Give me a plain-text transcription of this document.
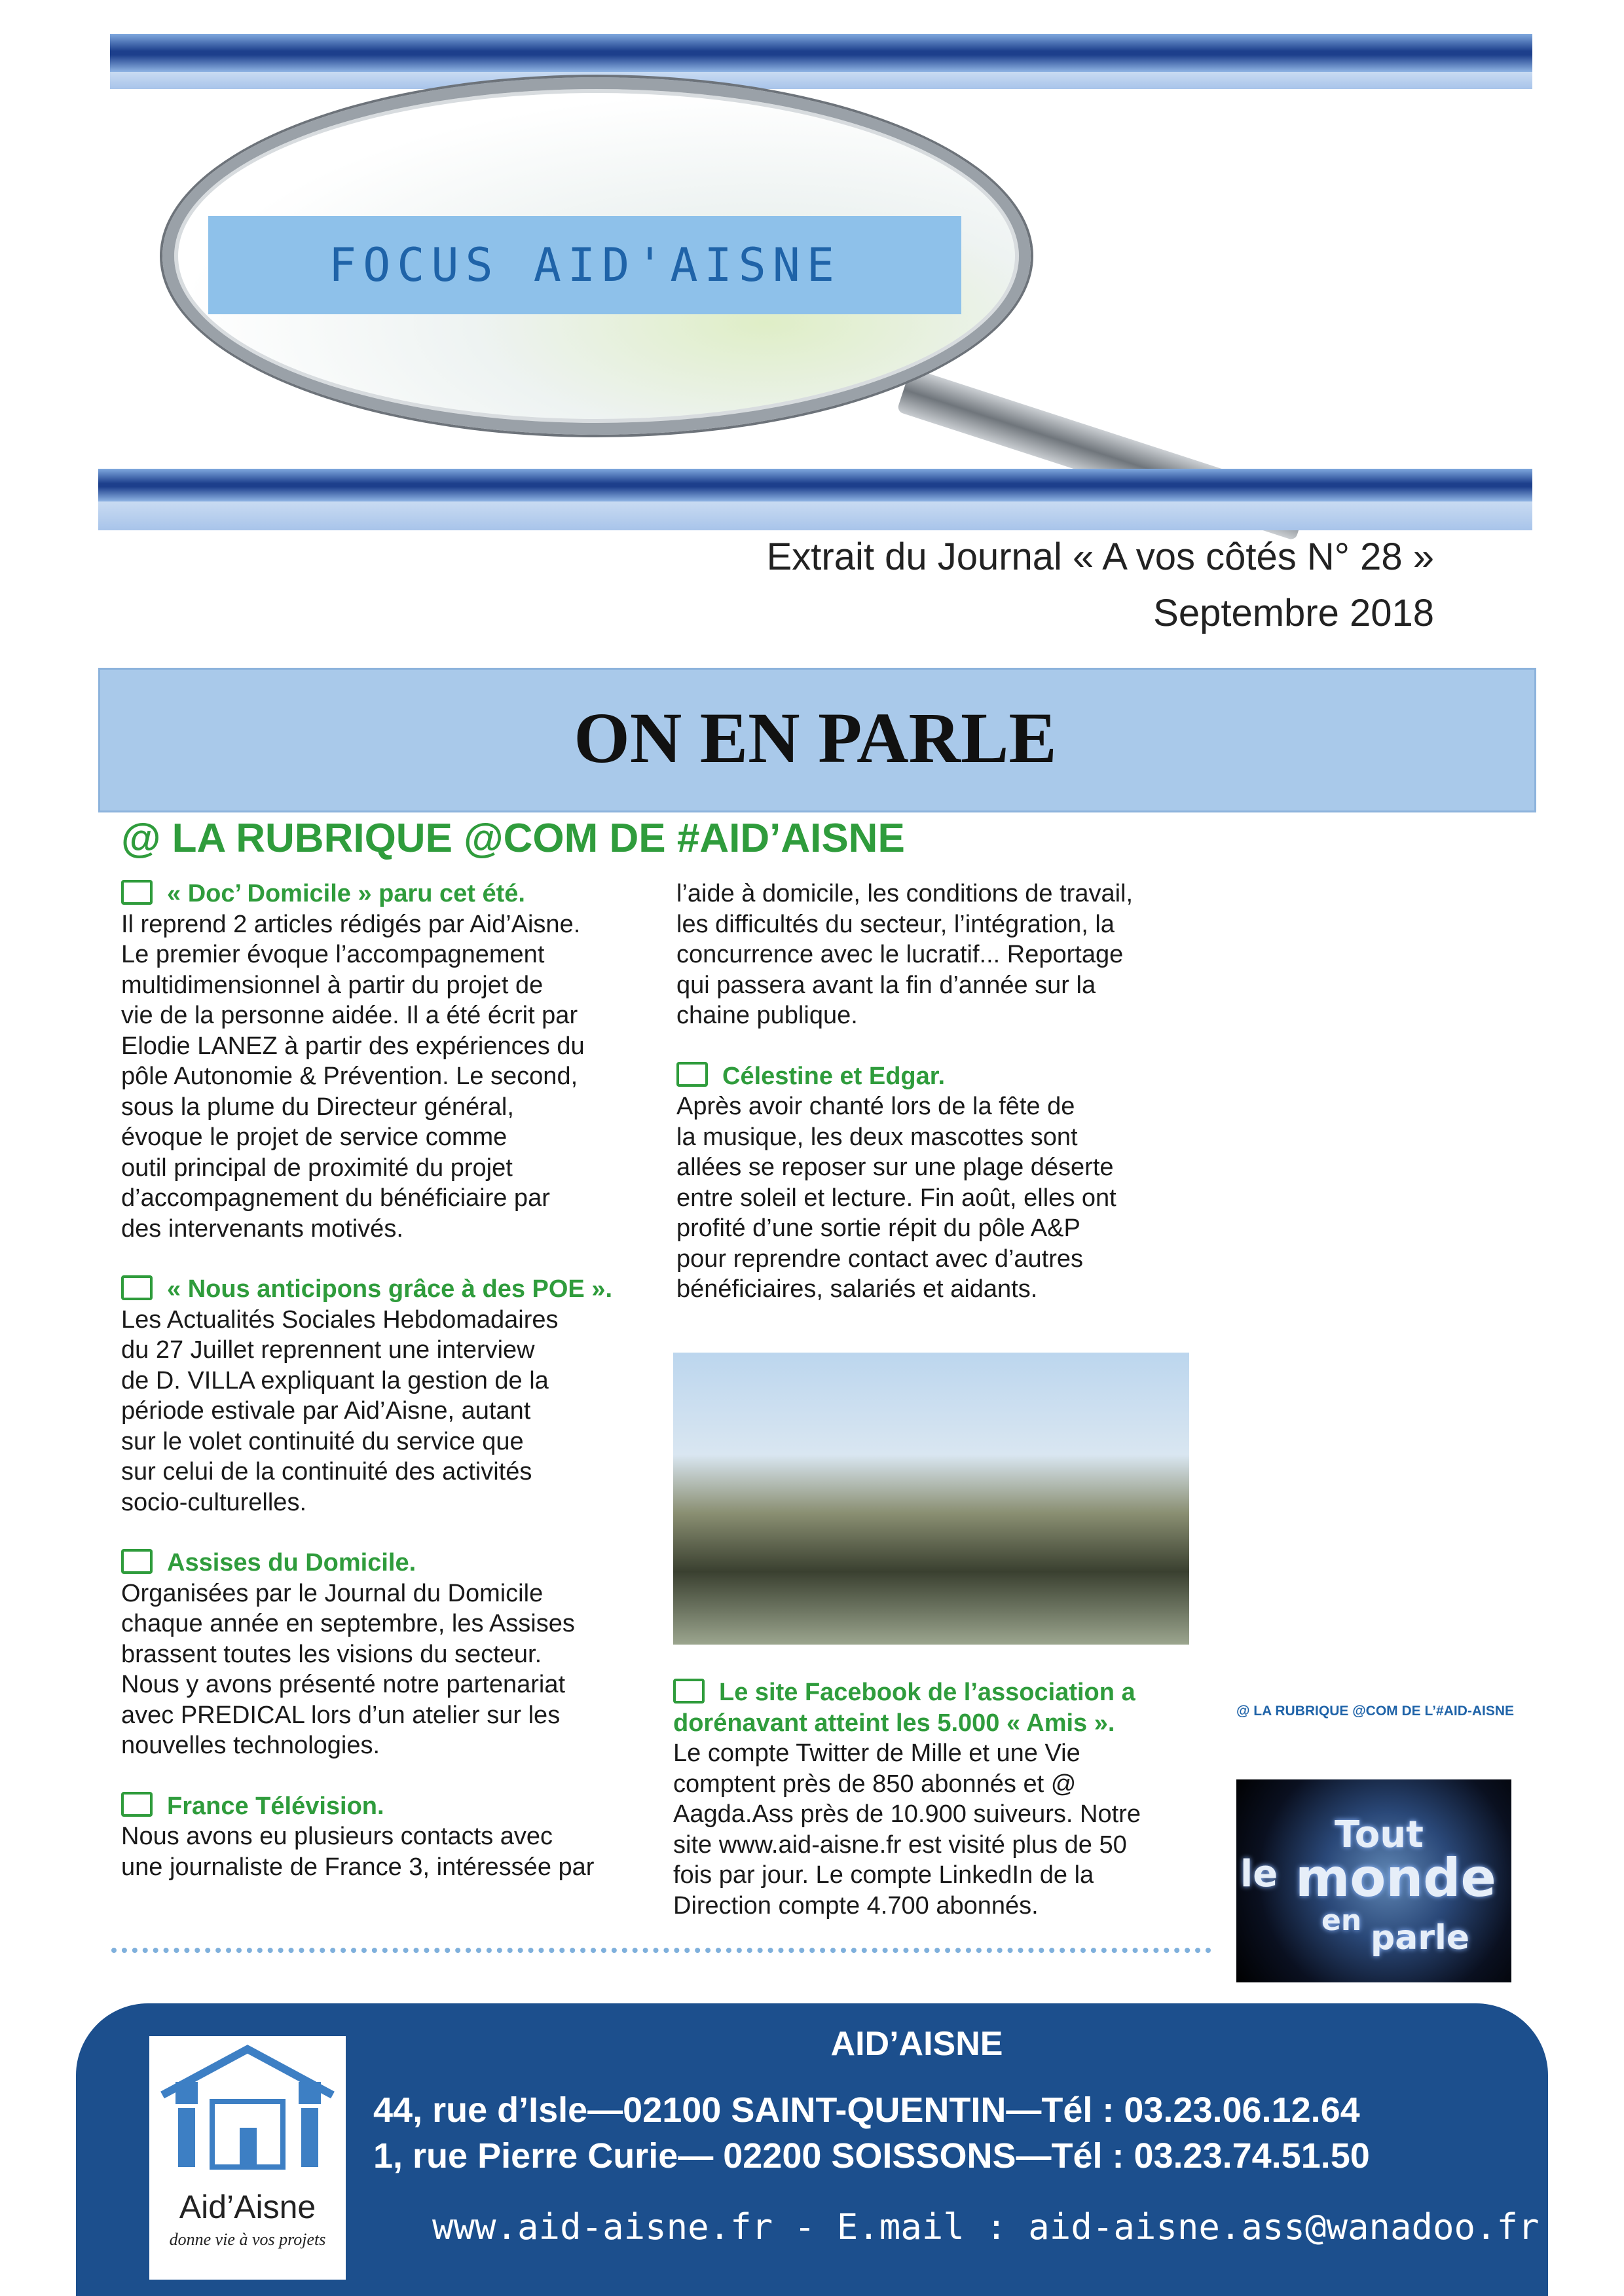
FOCUS AID'AISNE
Extrait du Journal « A vos côtés N° 28 »
Septembre 2018
ON EN PARLE
@ LA RUBRIQUE @COM DE #AID’AISNE
« Doc’ Domicile » paru cet été.
Il reprend 2 articles rédigés par Aid’Aisne.
Le premier évoque l’accompagnement
multidimensionnel à partir du projet de
vie de la personne aidée. Il a été écrit par
Elodie LANEZ à partir des expériences du
pôle Autonomie & Prévention. Le second,
sous la plume du Directeur général,
évoque le projet de service comme
outil principal de proximité du projet
d’accompagnement du bénéficiaire par
des intervenants motivés.
« Nous anticipons grâce à des POE ».
Les Actualités Sociales Hebdomadaires
du 27 Juillet reprennent une interview
de D. VILLA expliquant la gestion de la
période estivale par Aid’Aisne, autant
sur le volet continuité du service que
sur celui de la continuité des activités
socio-culturelles.
Assises du Domicile.
Organisées par le Journal du Domicile
chaque année en septembre, les Assises
brassent toutes les visions du secteur.
Nous y avons présenté notre partenariat
avec PREDICAL lors d’un atelier sur les
nouvelles technologies.
France Télévision.
Nous avons eu plusieurs contacts avec
une journaliste de France 3, intéressée par
l’aide à domicile, les conditions de travail,
les difficultés du secteur, l’intégration, la
concurrence avec le lucratif... Reportage
qui passera avant la fin d’année sur la
chaine publique.
Célestine et Edgar.
Après avoir chanté lors de la fête de
la musique, les deux mascottes sont
allées se reposer sur une plage déserte
entre soleil et lecture. Fin août, elles ont
profité d’une sortie répit du pôle A&P
pour reprendre contact avec d’autres
bénéficiaires, salariés et aidants.
Le site Facebook de l’association a
dorénavant atteint les 5.000 « Amis ».
Le compte Twitter de Mille et une Vie
comptent près de 850 abonnés et @
Aagda.Ass près de 10.900 suiveurs. Notre
site www.aid-aisne.fr est visité plus de 50
fois par jour. Le compte LinkedIn de la
Direction compte 4.700 abonnés.
@ LA RUBRIQUE @COM DE L’#AID-AISNE
Tout
le monde
en parle
Aid’Aisne
donne vie à vos projets
AID’AISNE
44, rue d’Isle—02100 SAINT-QUENTIN—Tél : 03.23.06.12.64
1, rue Pierre Curie— 02200 SOISSONS—Tél : 03.23.74.51.50
www.aid-aisne.fr - E.mail : aid-aisne.ass@wanadoo.fr
